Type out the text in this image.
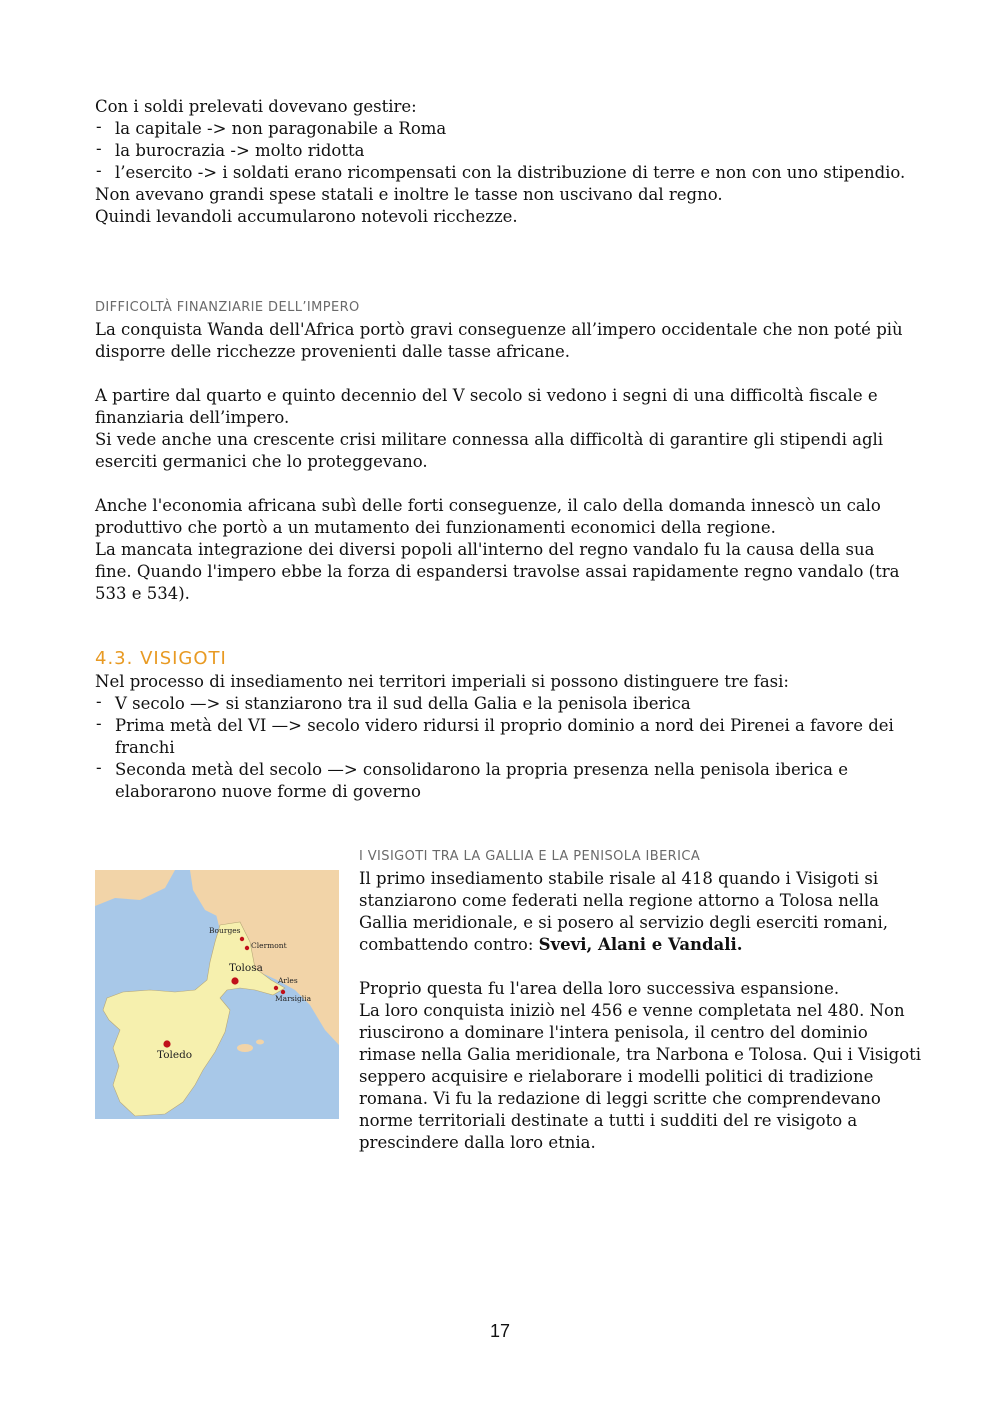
Con i soldi prelevati dovevano gestire:

- la capitale -> non paragonabile a Roma
- la burocrazia -> molto ridotta
- l’esercito -> i soldati erano ricompensati con la distribuzione di terre e non con uno stipendio.

Non avevano grandi spese statali e inoltre le tasse non uscivano dal regno.

Quindi levandoli accumularono notevoli ricchezze.

DIFFICOLTÀ FINANZIARIE DELL’IMPERO

La conquista Wanda dell'Africa portò gravi conseguenze all’impero occidentale che non poté più disporre delle ricchezze provenienti dalle tasse africane.

A partire dal quarto e quinto decennio del V secolo si vedono i segni di una difficoltà fiscale e finanziaria dell’impero.

Si vede anche una crescente crisi militare connessa alla difficoltà di garantire gli stipendi agli eserciti germanici che lo proteggevano.

Anche l'economia africana subì delle forti conseguenze, il calo della domanda innescò un calo produttivo che portò a un mutamento dei funzionamenti economici della regione.

La mancata integrazione dei diversi popoli all'interno del regno vandalo fu la causa della sua fine. Quando l'impero ebbe la forza di espandersi travolse assai rapidamente regno vandalo (tra 533 e 534).

4.3. VISIGOTI

Nel processo di insediamento nei territori imperiali si possono distinguere tre fasi:

- V secolo —> si stanziarono tra il sud della Galia e la penisola iberica
- Prima metà del VI —> secolo videro ridursi il proprio dominio a nord dei Pirenei a favore dei franchi
- Seconda metà del secolo —> consolidarono la propria presenza nella penisola iberica e elaborarono nuove forme di governo
Bourges
Clermont
Tolosa
Arles
Marsiglia
Toledo
I VISIGOTI TRA LA GALLIA E LA PENISOLA IBERICA

Il primo insediamento stabile risale al 418 quando i Visigoti si stanziarono come federati nella regione attorno a Tolosa nella Gallia meridionale, e si posero al servizio degli eserciti romani, combattendo contro: Svevi, Alani e Vandali.

Proprio questa fu l'area della loro successiva espansione.

La loro conquista iniziò nel 456 e venne completata nel 480. Non riuscirono a dominare l'intera penisola, il centro del dominio rimase nella Galia meridionale, tra Narbona e Tolosa. Qui i Visigoti seppero acquisire e rielaborare i modelli politici di tradizione romana. Vi fu la redazione di leggi scritte che comprendevano norme territoriali destinate a tutti i sudditi del re visigoto a prescindere dalla loro etnia.

17
